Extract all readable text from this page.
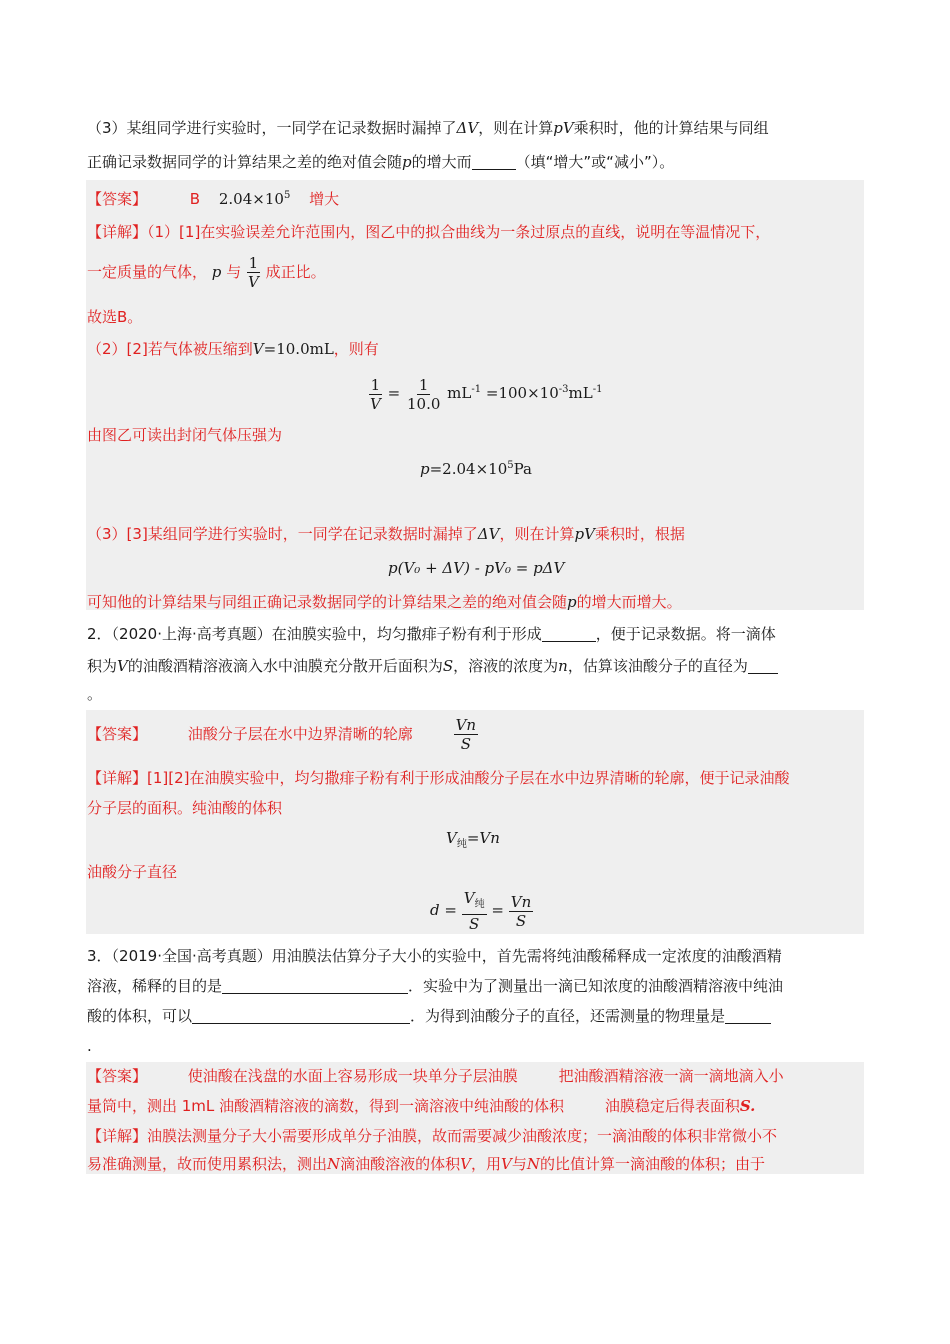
（3）某组同学进行实验时，一同学在记录数据时漏掉了ΔV，则在计算pV乘积时，他的计算结果与同组
正确记录数据同学的计算结果之差的绝对值会随p的增大而	（填“增大”或“减小”）。
【答案】	B $2.04\times 10^5$ 增大
【详解】（1）[1]在实验误差允许范围内，图乙中的拟合曲线为一条过原点的直线，说明在等温情况下，
一定质量的气体， p 与 $\frac{1}{V}$ 成正比。
故选B。
（2）[2]若气体被压缩到V=10.0mL，则有
$\frac{1}{V} = \frac{1}{10.0} mL^{-1} =100\times 10^{-3}mL^{-1}$
由图乙可读出封闭气体压强为
$p=2.04\times 10^5Pa$
（3）[3]某组同学进行实验时，一同学在记录数据时漏掉了ΔV，则在计算pV乘积时，根据
p(V₀ + ΔV) - pV₀ = pΔV
可知他的计算结果与同组正确记录数据同学的计算结果之差的绝对值会随p的增大而增大。
2．（2020·上海·高考真题）在油膜实验中，均匀撒痱子粉有利于形成	，便于记录数据。将一滴体
积为V的油酸酒精溶液滴入水中油膜充分散开后面积为S，溶液的浓度为n，估算该油酸分子的直径为
。
【答案】	油酸分子层在水中边界清晰的轮廓	$\frac{Vn}{S}$
【详解】[1][2]在油膜实验中，均匀撒痱子粉有利于形成油酸分子层在水中边界清晰的轮廓，便于记录油酸
分子层的面积。纯油酸的体积
$V_纯=Vn$
油酸分子直径
$d = \frac{V_纯}{S} = \frac{Vn}{S}$
3．（2019·全国·高考真题）用油膜法估算分子大小的实验中，首先需将纯油酸稀释成一定浓度的油酸酒精
溶液，稀释的目的是	．实验中为了测量出一滴已知浓度的油酸酒精溶液中纯油
酸的体积，可以	．为得到油酸分子的直径，还需测量的物理量是
.
【答案】	使油酸在浅盘的水面上容易形成一块单分子层油膜	把油酸酒精溶液一滴一滴地滴入小
量筒中，测出 1mL 油酸酒精溶液的滴数，得到一滴溶液中纯油酸的体积	油膜稳定后得表面积S.
【详解】油膜法测量分子大小需要形成单分子油膜，故而需要减少油酸浓度；一滴油酸的体积非常微小不
易准确测量，故而使用累积法，测出N滴油酸溶液的体积V，用V与N的比值计算一滴油酸的体积；由于
